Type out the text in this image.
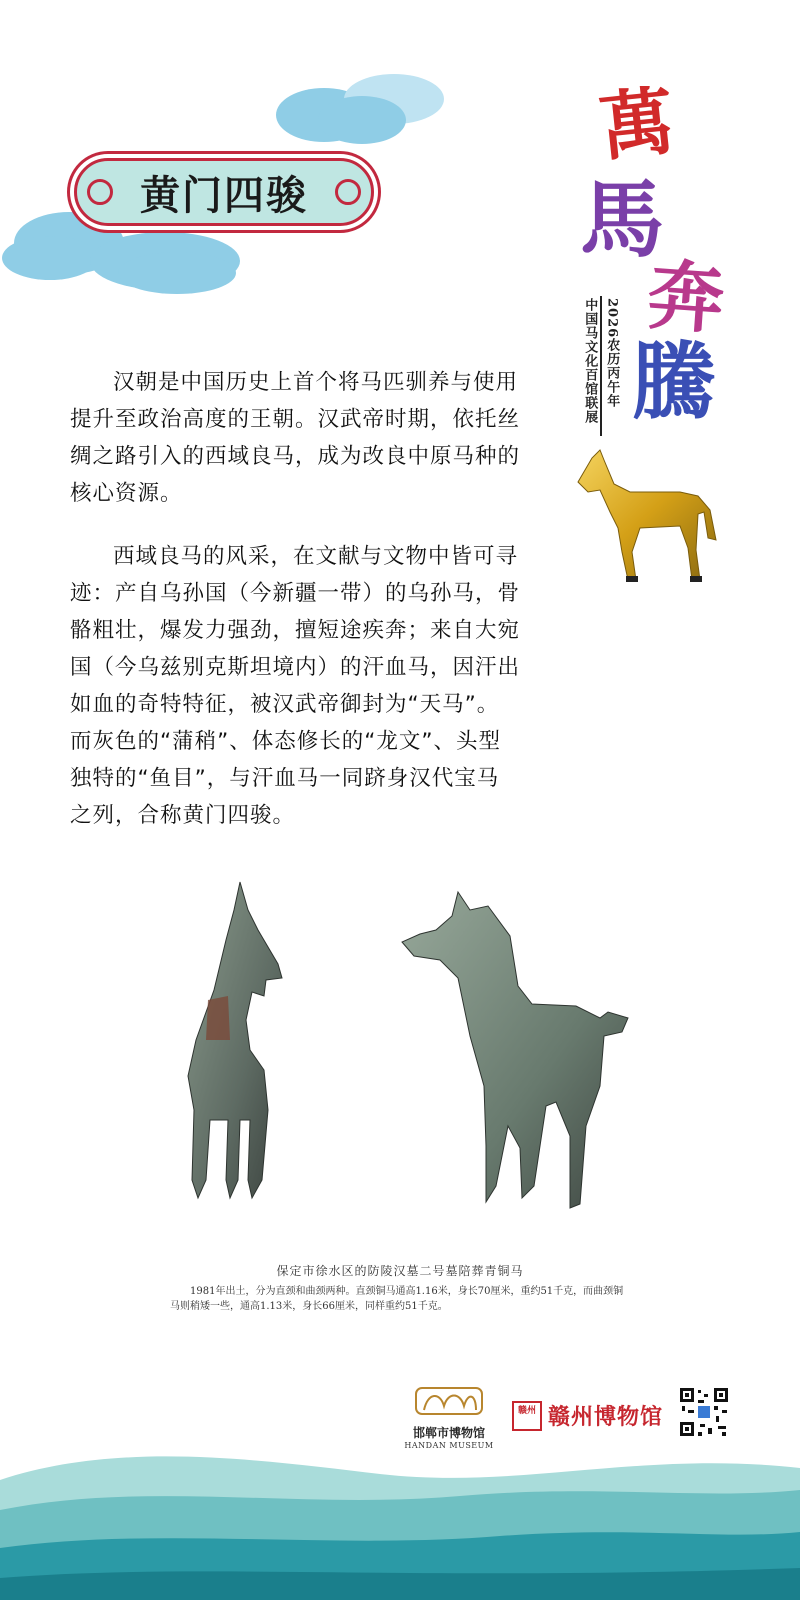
黄门四骏
萬
馬
奔
騰
2026农历丙午年
中国马文化百馆联展

汉朝是中国历史上首个将马匹驯养与使用提升至政治高度的王朝。汉武帝时期，依托丝绸之路引入的西域良马，成为改良中原马种的核心资源。

西域良马的风采，在文献与文物中皆可寻迹：产自乌孙国（今新疆一带）的乌孙马，骨骼粗壮，爆发力强劲，擅短途疾奔；来自大宛国（今乌兹别克斯坦境内）的汗血马，因汗出如血的奇特特征，被汉武帝御封为“天马”。而灰色的“蒲稍”、体态修长的“龙文”、头型独特的“鱼目”，与汗血马一同跻身汉代宝马之列，合称黄门四骏。

保定市徐水区的防陵汉墓二号墓陪葬青铜马
1981年出土，分为直颈和曲颈两种。直颈铜马通高1.16米，身长70厘米，重约51千克，而曲颈铜马则稍矮一些，通高1.13米，身长66厘米，同样重约51千克。
邯郸市博物馆
HANDAN MUSEUM
赣州 赣州博物馆
